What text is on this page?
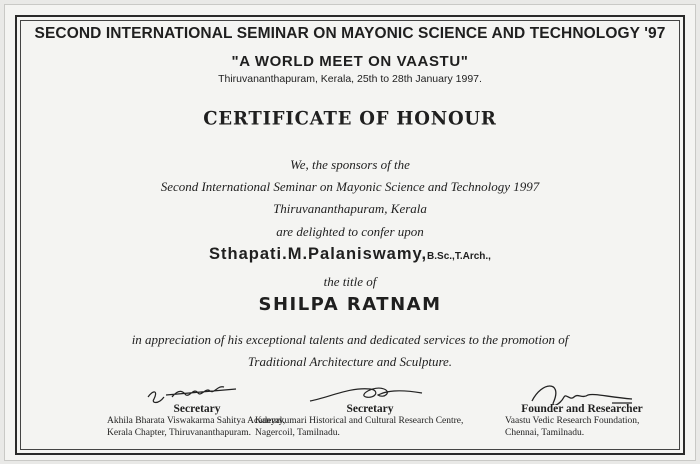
SECOND INTERNATIONAL SEMINAR ON MAYONIC SCIENCE AND TECHNOLOGY '97
"A WORLD MEET ON VAASTU"
Thiruvananthapuram, Kerala, 25th to 28th January 1997.
CERTIFICATE OF HONOUR
We, the sponsors of the
Second International Seminar on Mayonic Science and Technology 1997
Thiruvananthapuram, Kerala
are delighted to confer upon
Sthapati.M.Palaniswamy,B.Sc.,T.Arch.,
the title of
SHILPA RATNAM
in appreciation of his exceptional talents and dedicated services to the promotion of
Traditional Architecture and Sculpture.
Secretary
Akhila Bharata Viswakarma Sahitya Academy,
Kerala Chapter, Thiruvananthapuram.
Secretary
Kanyakumari Historical and Cultural Research Centre,
Nagercoil, Tamilnadu.
Founder and Researcher
Vaastu Vedic Research Foundation,
Chennai, Tamilnadu.
